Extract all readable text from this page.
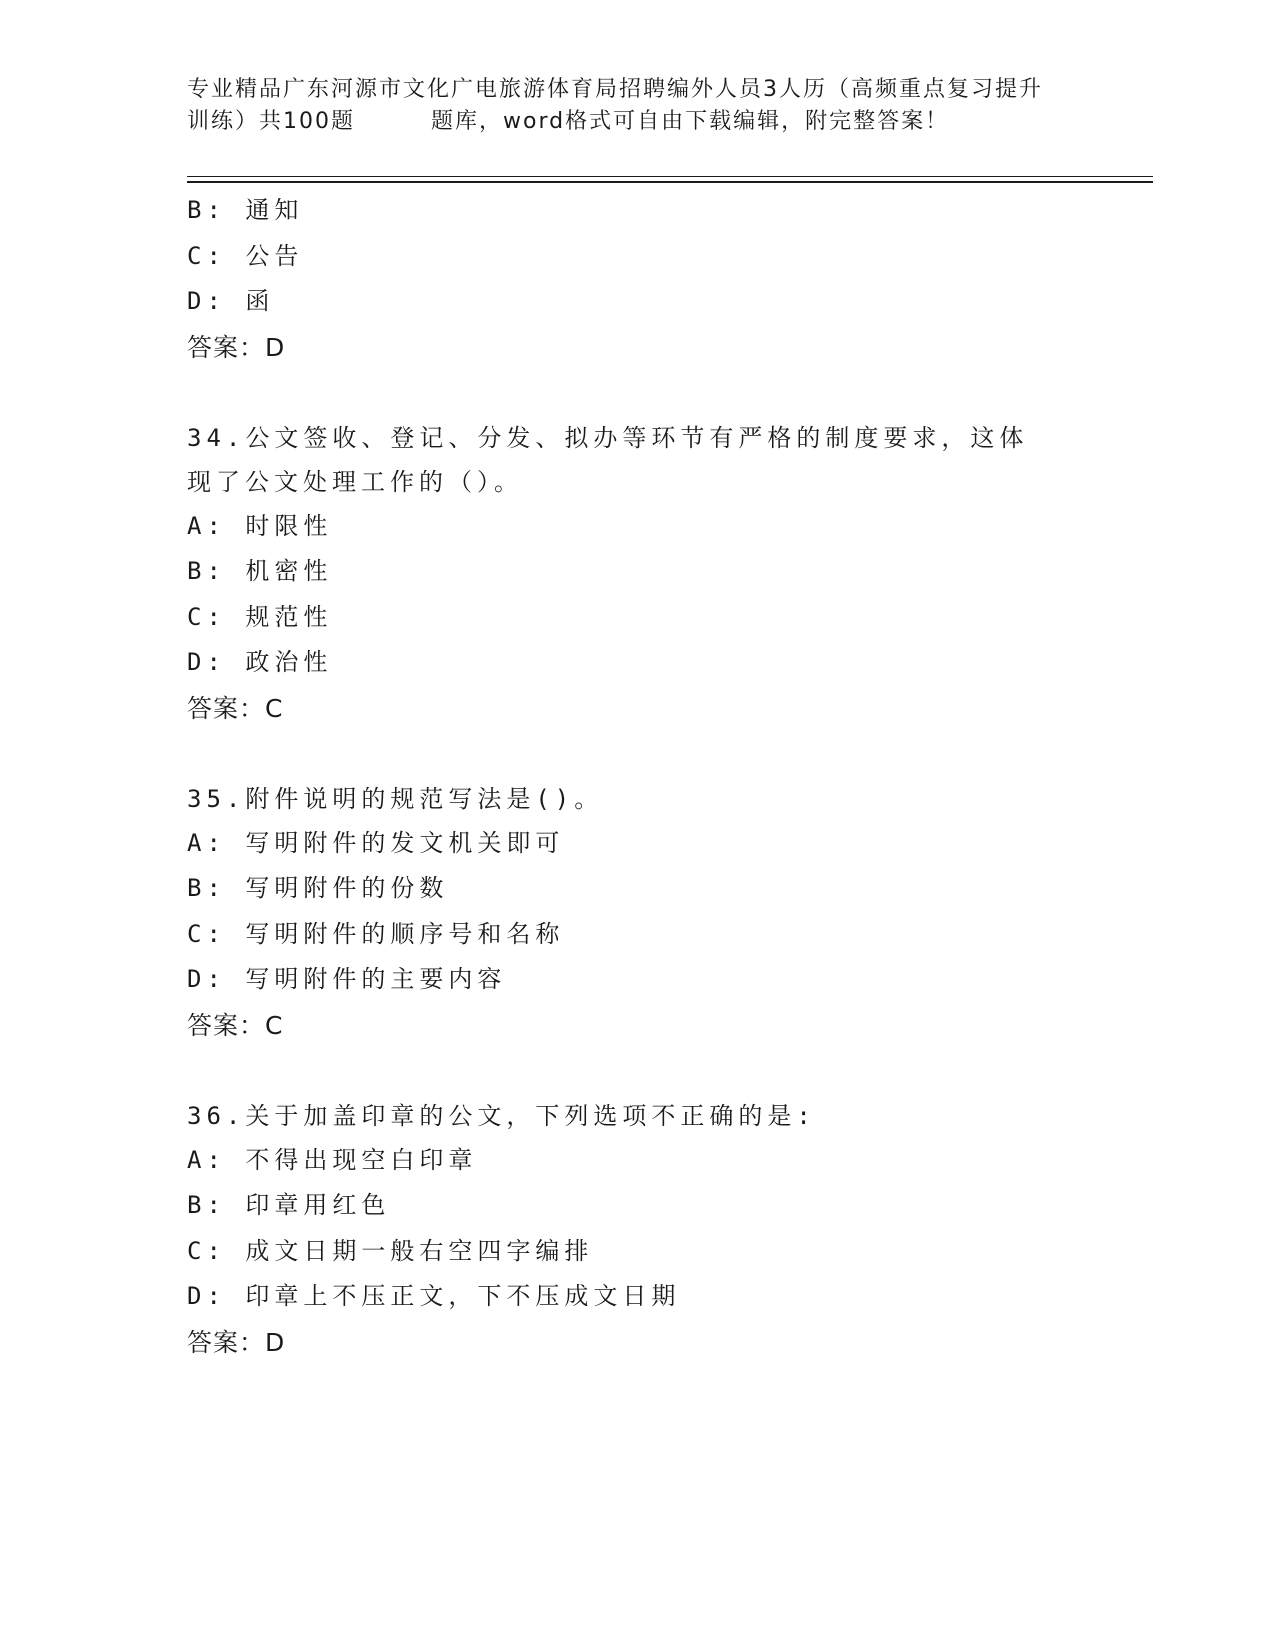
专业精品广东河源市文化广电旅游体育局招聘编外人员3人历（高频重点复习提升
训练）共100题	题库，word格式可自由下载编辑，附完整答案！
B: 通知
C: 公告
D: 函
答案：D
34.公文签收、登记、分发、拟办等环节有严格的制度要求，这体现了公文处理工作的（）。
A: 时限性
B: 机密性
C: 规范性
D: 政治性
答案：C
35.附件说明的规范写法是()。
A: 写明附件的发文机关即可
B: 写明附件的份数
C: 写明附件的顺序号和名称
D: 写明附件的主要内容
答案：C
36.关于加盖印章的公文，下列选项不正确的是:
A: 不得出现空白印章
B: 印章用红色
C: 成文日期一般右空四字编排
D: 印章上不压正文，下不压成文日期
答案：D
